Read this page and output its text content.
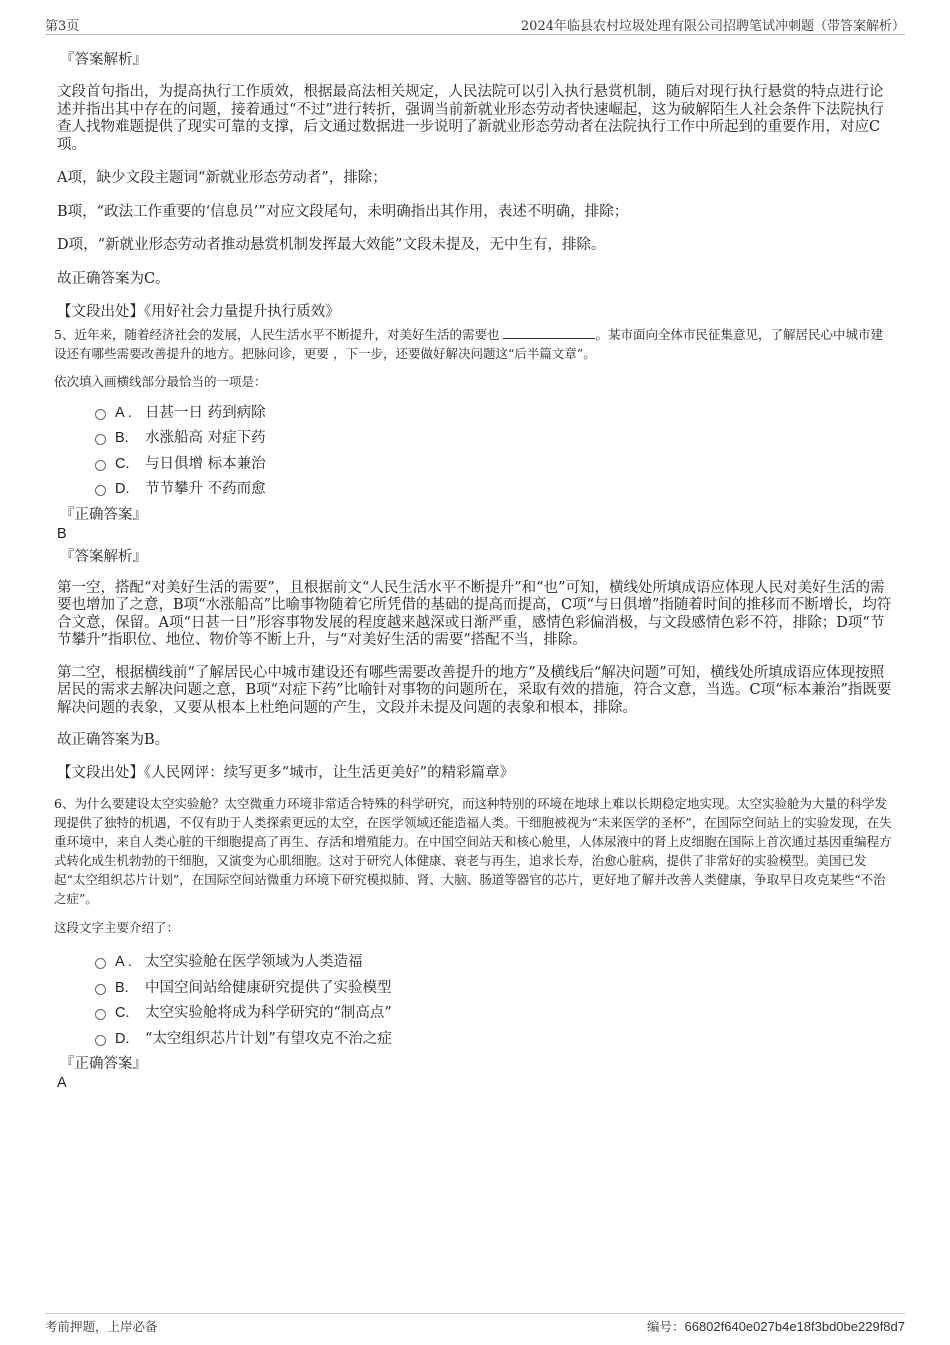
第3页	2024年临县农村垃圾处理有限公司招聘笔试冲刺题（带答案解析）

『答案解析』

文段首句指出，为提高执行工作质效，根据最高法相关规定，人民法院可以引入执行悬赏机制，随后对现行执行悬赏的特点进行论述并指出其中存在的问题，接着通过“不过”进行转折，强调当前新就业形态劳动者快速崛起，这为破解陌生人社会条件下法院执行查人找物难题提供了现实可靠的支撑，后文通过数据进一步说明了新就业形态劳动者在法院执行工作中所起到的重要作用，对应C项。

A项，缺少文段主题词“新就业形态劳动者”，排除；

B项，“政法工作重要的‘信息员’”对应文段尾句，未明确指出其作用，表述不明确，排除；

D项，“新就业形态劳动者推动悬赏机制发挥最大效能”文段未提及，无中生有，排除。

故正确答案为C。

【文段出处】《用好社会力量提升执行质效》

5、近年来，随着经济社会的发展，人民生活水平不断提升，对美好生活的需要也	。某市面向全体市民征集意见，了解居民心中城市建设还有哪些需要改善提升的地方。把脉问诊，更要 ，下一步，还要做好解决问题这“后半篇文章”。

依次填入画横线部分最恰当的一项是：

A . 日甚一日 药到病除
B. 水涨船高 对症下药
C. 与日俱增 标本兼治
D. 节节攀升 不药而愈

『正确答案』

B

『答案解析』

第一空，搭配“对美好生活的需要”，且根据前文“人民生活水平不断提升”和“也”可知，横线处所填成语应体现人民对美好生活的需要也增加了之意，B项“水涨船高”比喻事物随着它所凭借的基础的提高而提高，C项“与日俱增”指随着时间的推移而不断增长，均符合文意，保留。A项“日甚一日”形容事物发展的程度越来越深或日渐严重，感情色彩偏消极，与文段感情色彩不符，排除；D项“节节攀升”指职位、地位、物价等不断上升，与“对美好生活的需要”搭配不当，排除。

第二空，根据横线前“了解居民心中城市建设还有哪些需要改善提升的地方”及横线后“解决问题”可知，横线处所填成语应体现按照居民的需求去解决问题之意，B项“对症下药”比喻针对事物的问题所在，采取有效的措施，符合文意，当选。C项“标本兼治”指既要解决问题的表象，又要从根本上杜绝问题的产生，文段并未提及问题的表象和根本，排除。

故正确答案为B。

【文段出处】《人民网评：续写更多“城市，让生活更美好”的精彩篇章》

6、为什么要建设太空实验舱？太空微重力环境非常适合特殊的科学研究，而这种特别的环境在地球上难以长期稳定地实现。太空实验舱为大量的科学发现提供了独特的机遇，不仅有助于人类探索更远的太空，在医学领域还能造福人类。干细胞被视为“未来医学的圣杯”，在国际空间站上的实验发现，在失重环境中，来自人类心脏的干细胞提高了再生、存活和增殖能力。在中国空间站天和核心舱里，人体尿液中的肾上皮细胞在国际上首次通过基因重编程方式转化成生机勃勃的干细胞，又演变为心肌细胞。这对于研究人体健康、衰老与再生，追求长寿，治愈心脏病，提供了非常好的实验模型。美国已发起“太空组织芯片计划”，在国际空间站微重力环境下研究模拟肺、肾、大脑、肠道等器官的芯片，更好地了解并改善人类健康，争取早日攻克某些“不治之症”。

这段文字主要介绍了：

A . 太空实验舱在医学领域为人类造福
B. 中国空间站给健康研究提供了实验模型
C. 太空实验舱将成为科学研究的“制高点”
D. “太空组织芯片计划”有望攻克不治之症

『正确答案』

A

考前押题，上岸必备	编号：66802f640e027b4e18f3bd0be229f8d7
